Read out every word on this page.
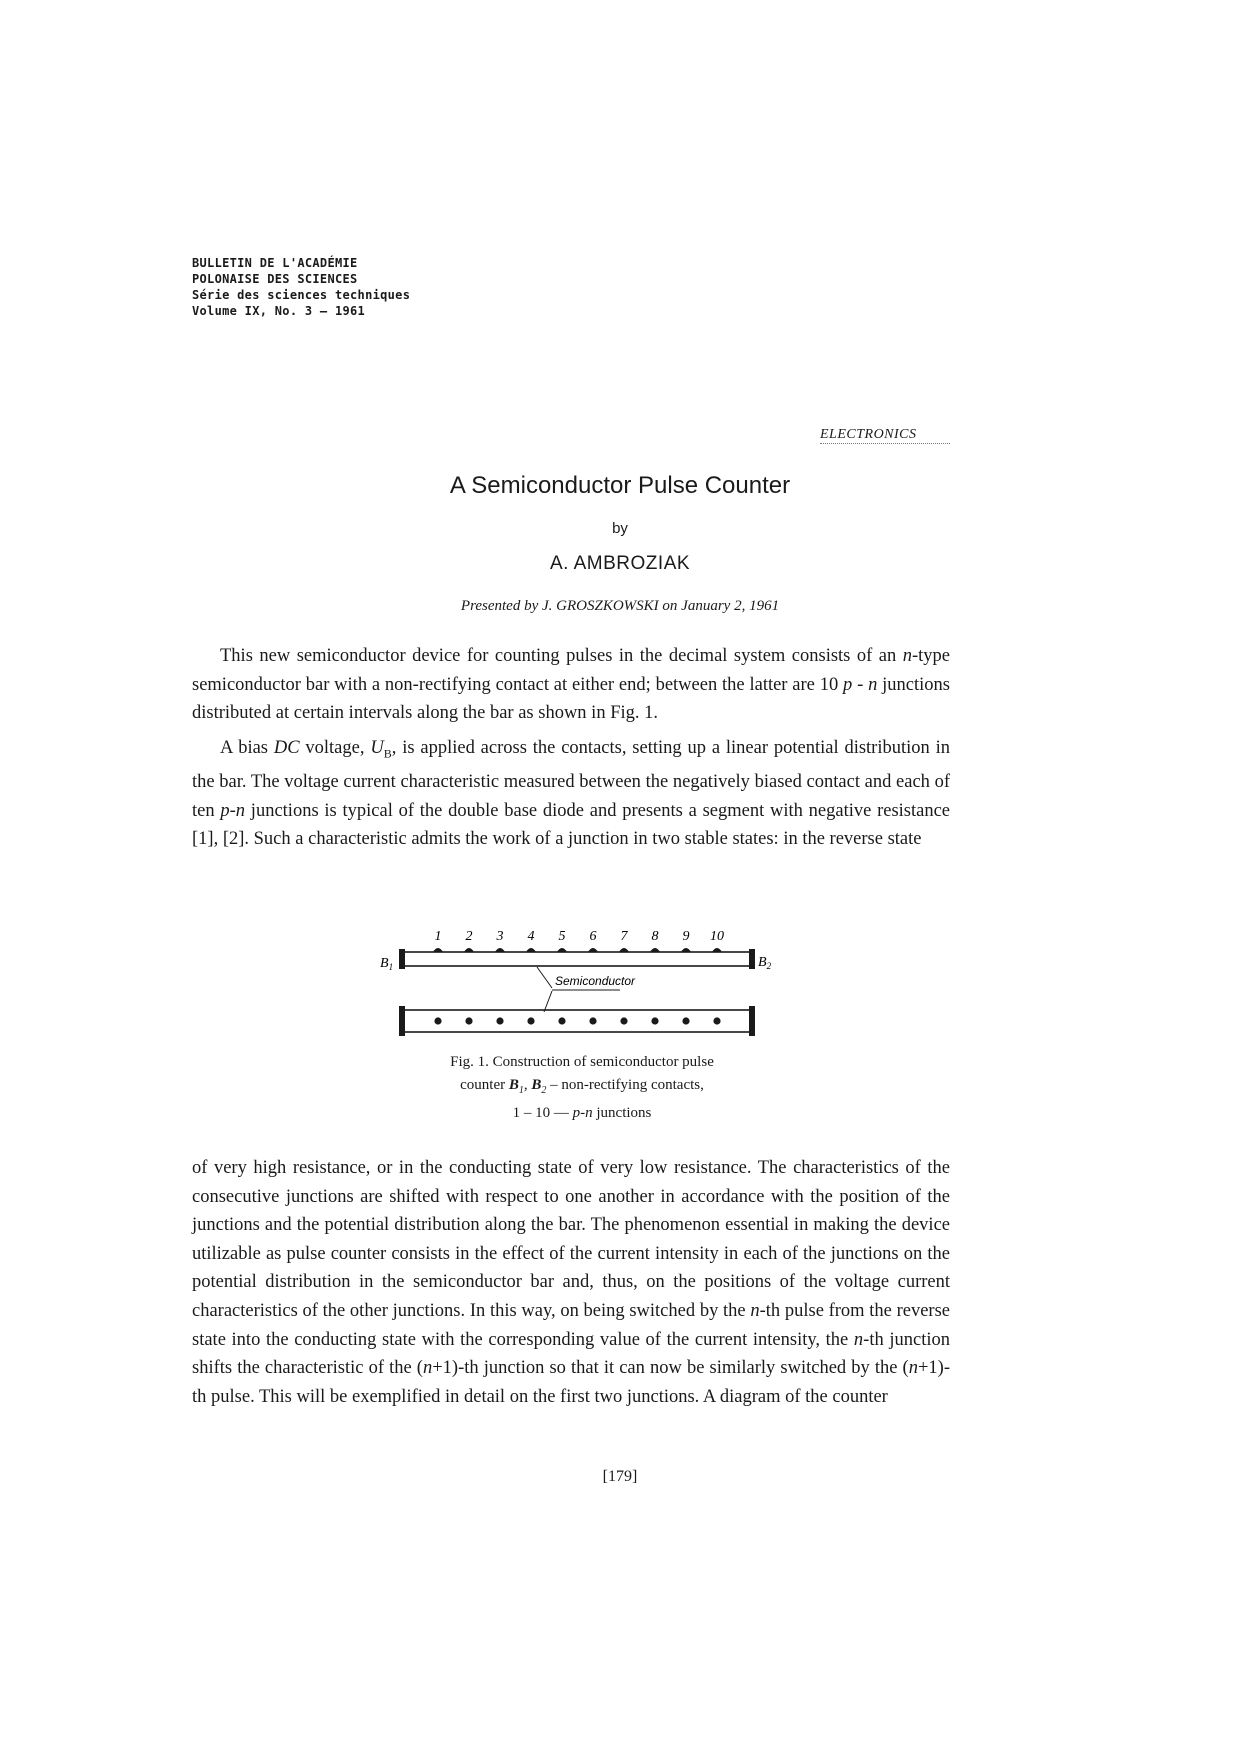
BULLETIN DE L'ACADÉMIE
POLONAISE DES SCIENCES
Série des sciences techniques
Volume IX, No. 3 — 1961
ELECTRONICS
A Semiconductor Pulse Counter
by
A. AMBROZIAK
Presented by J. GROSZKOWSKI on January 2, 1961

This new semiconductor device for counting pulses in the decimal system consists of an n-type semiconductor bar with a non-rectifying contact at either end; between the latter are 10 p - n junctions distributed at certain intervals along the bar as shown in Fig. 1.

A bias DC voltage, $U_B$, is applied across the contacts, setting up a linear potential distribution in the bar. The voltage current characteristic measured between the negatively biased contact and each of ten p-n junctions is typical of the double base diode and presents a segment with negative resistance [1], [2]. Such a characteristic admits the work of a junction in two stable states: in the reverse state

1 2 3 4 5 6 7 8 9 10
$B_1$	$B_2$
Semiconductor
Fig. 1. Construction of semiconductor pulse
counter $B_1$, $B_2$ – non-rectifying contacts,
1 – 10 — p-n junctions

of very high resistance, or in the conducting state of very low resistance. The characteristics of the consecutive junctions are shifted with respect to one another in accordance with the position of the junctions and the potential distribution along the bar. The phenomenon essential in making the device utilizable as pulse counter consists in the effect of the current intensity in each of the junctions on the potential distribution in the semiconductor bar and, thus, on the positions of the voltage current characteristics of the other junctions. In this way, on being switched by the n-th pulse from the reverse state into the conducting state with the corresponding value of the current intensity, the n-th junction shifts the characteristic of the (n+1)-th junction so that it can now be similarly switched by the (n+1)-th pulse. This will be exemplified in detail on the first two junctions. A diagram of the counter

[179]
